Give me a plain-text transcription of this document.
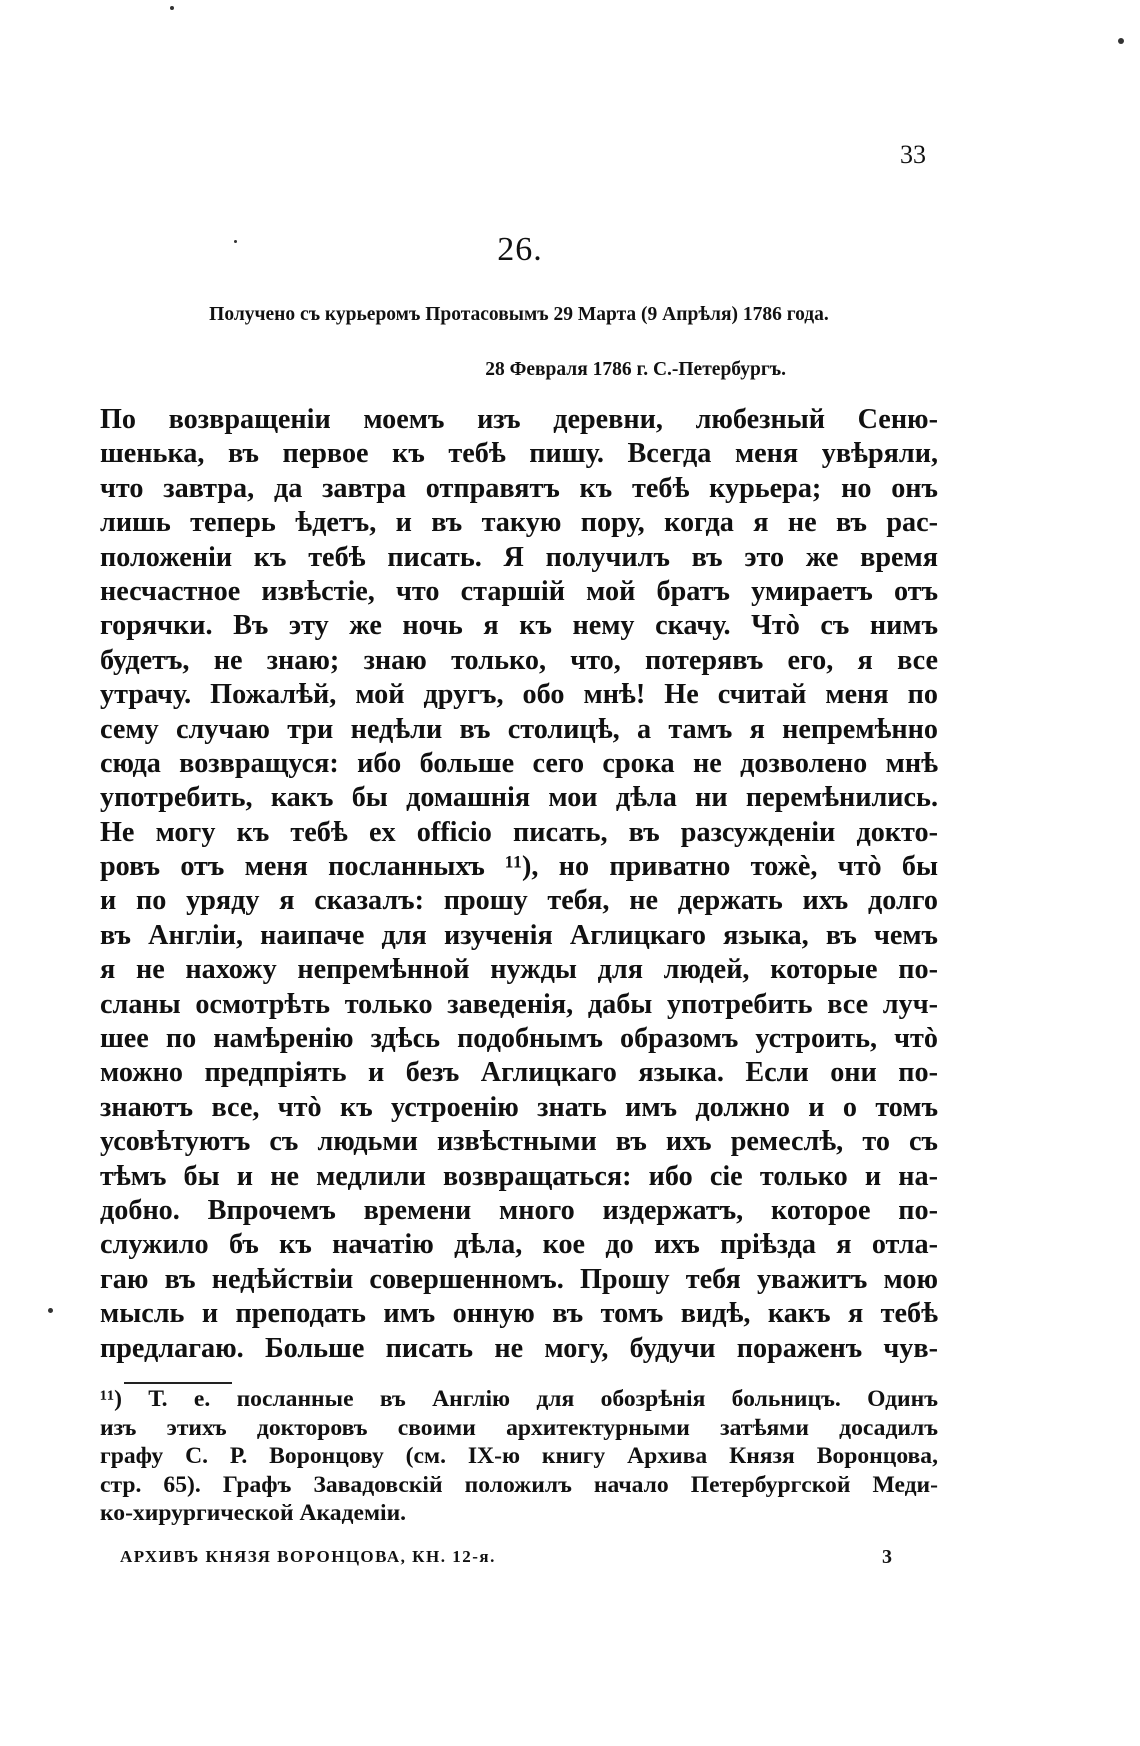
33
26.
Получено съ курьеромъ Протасовымъ 29 Марта (9 Апрѣля) 1786 года.
28 Февраля 1786 г. С.-Петербургъ.
По возвращеніи моемъ изъ деревни, любезный Сеню-
шенька, въ первое къ тебѣ пишу. Всегда меня увѣряли,
что завтра, да завтра отправятъ къ тебѣ курьера; но онъ
лишь теперь ѣдетъ, и въ такую пору, когда я не въ рас-
положеніи къ тебѣ писать. Я получилъ въ это же время
несчастное извѣстіе, что старшій мой братъ умираетъ отъ
горячки. Въ эту же ночь я къ нему скачу. Чтò съ нимъ
будетъ, не знаю; знаю только, что, потерявъ его, я все
утрачу. Пожалѣй, мой другъ, обо мнѣ! Не считай меня по
сему случаю три недѣли въ столицѣ, а тамъ я непремѣнно
сюда возвращуся: ибо больше сего срока не дозволено мнѣ
употребить, какъ бы домашнія мои дѣла ни перемѣнились.
Не могу къ тебѣ ex officio писать, въ разсужденіи докто-
ровъ отъ меня посланныхъ ¹¹), но приватно тожѐ, чтò бы
и по уряду я сказалъ: прошу тебя, не держать ихъ долго
въ Англіи, наипаче для изученія Аглицкаго языка, въ чемъ
я не нахожу непремѣнной нужды для людей, которые по-
сланы осмотрѣть только заведенія, дабы употребить все луч-
шее по намѣренію здѣсь подобнымъ образомъ устроить, чтò
можно предпріять и безъ Аглицкаго языка. Если они по-
знаютъ все, чтò къ устроенію знать имъ должно и о томъ
усовѣтуютъ съ людьми извѣстными въ ихъ ремеслѣ, то съ
тѣмъ бы и не медлили возвращаться: ибо сіе только и на-
добно. Впрочемъ времени много издержатъ, которое по-
служило бъ къ начатію дѣла, кое до ихъ пріѣзда я отла-
гаю въ недѣйствіи совершенномъ. Прошу тебя уважитъ мою
мысль и преподать имъ онную въ томъ видѣ, какъ я тебѣ
предлагаю. Больше писать не могу, будучи пораженъ чув-
¹¹) Т. е. посланные въ Англію для обозрѣнія больницъ. Одинъ
изъ этихъ докторовъ своими архитектурными затѣями досадилъ
графу С. Р. Воронцову (см. IX-ю книгу Архива Князя Воронцова,
стр. 65). Графъ Завадовскій положилъ начало Петербургской Меди-
ко-хирургической Академіи.
АРХИВЪ КНЯЗЯ ВОРОНЦОВА, КН. 12-я.	3
